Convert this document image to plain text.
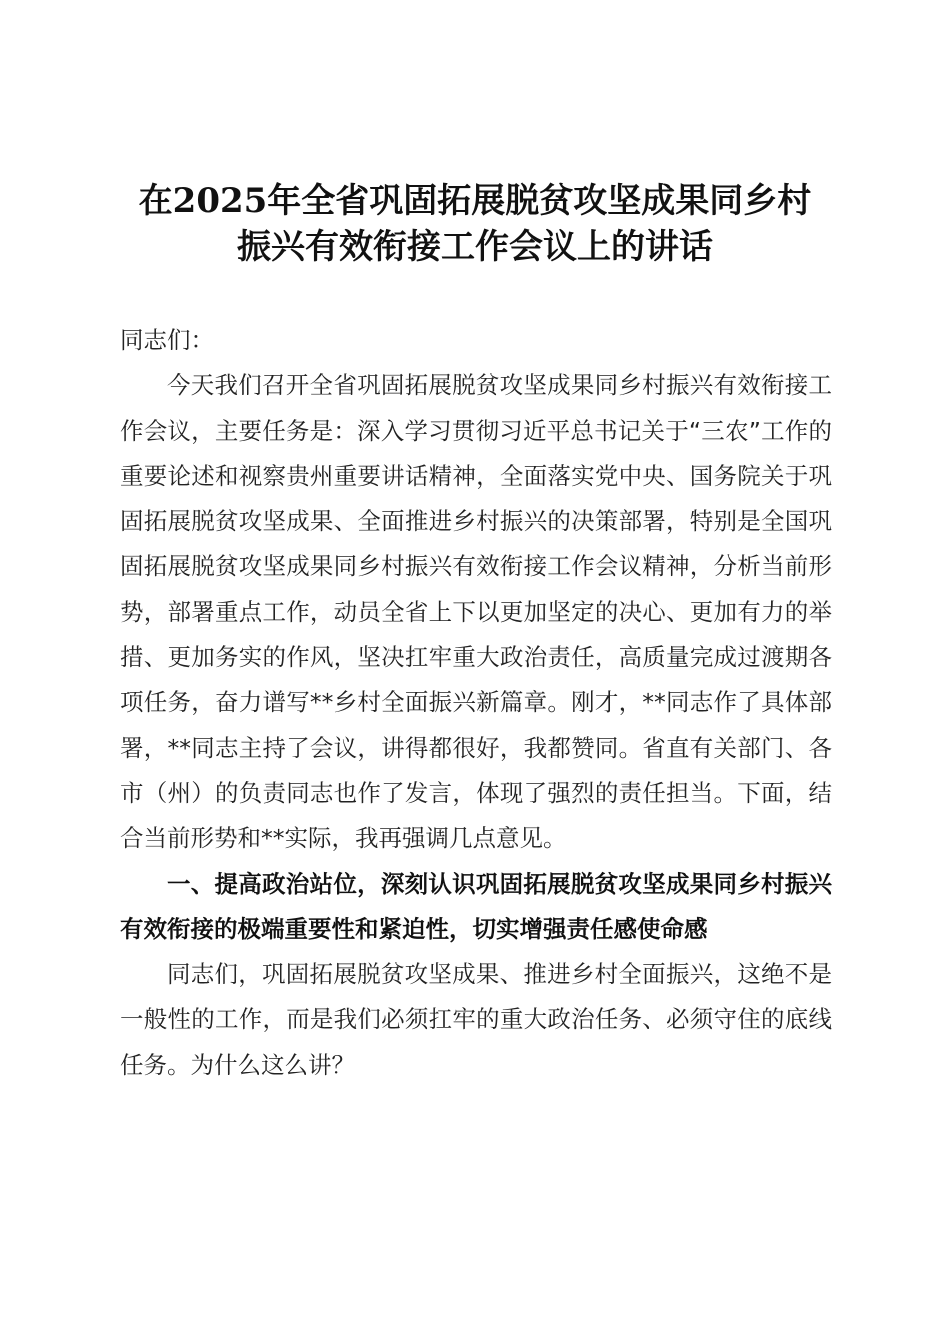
在2025年全省巩固拓展脱贫攻坚成果同乡村
振兴有效衔接工作会议上的讲话

同志们：

今天我们召开全省巩固拓展脱贫攻坚成果同乡村振兴有效衔接工作会议，主要任务是：深入学习贯彻习近平总书记关于“三农”工作的重要论述和视察贵州重要讲话精神，全面落实党中央、国务院关于巩固拓展脱贫攻坚成果、全面推进乡村振兴的决策部署，特别是全国巩固拓展脱贫攻坚成果同乡村振兴有效衔接工作会议精神，分析当前形势，部署重点工作，动员全省上下以更加坚定的决心、更加有力的举措、更加务实的作风，坚决扛牢重大政治责任，高质量完成过渡期各项任务，奋力谱写**乡村全面振兴新篇章。刚才，**同志作了具体部署，**同志主持了会议，讲得都很好，我都赞同。省直有关部门、各市（州）的负责同志也作了发言，体现了强烈的责任担当。下面，结合当前形势和**实际，我再强调几点意见。

一、提高政治站位，深刻认识巩固拓展脱贫攻坚成果同乡村振兴有效衔接的极端重要性和紧迫性，切实增强责任感使命感

同志们，巩固拓展脱贫攻坚成果、推进乡村全面振兴，这绝不是一般性的工作，而是我们必须扛牢的重大政治任务、必须守住的底线任务。为什么这么讲？
